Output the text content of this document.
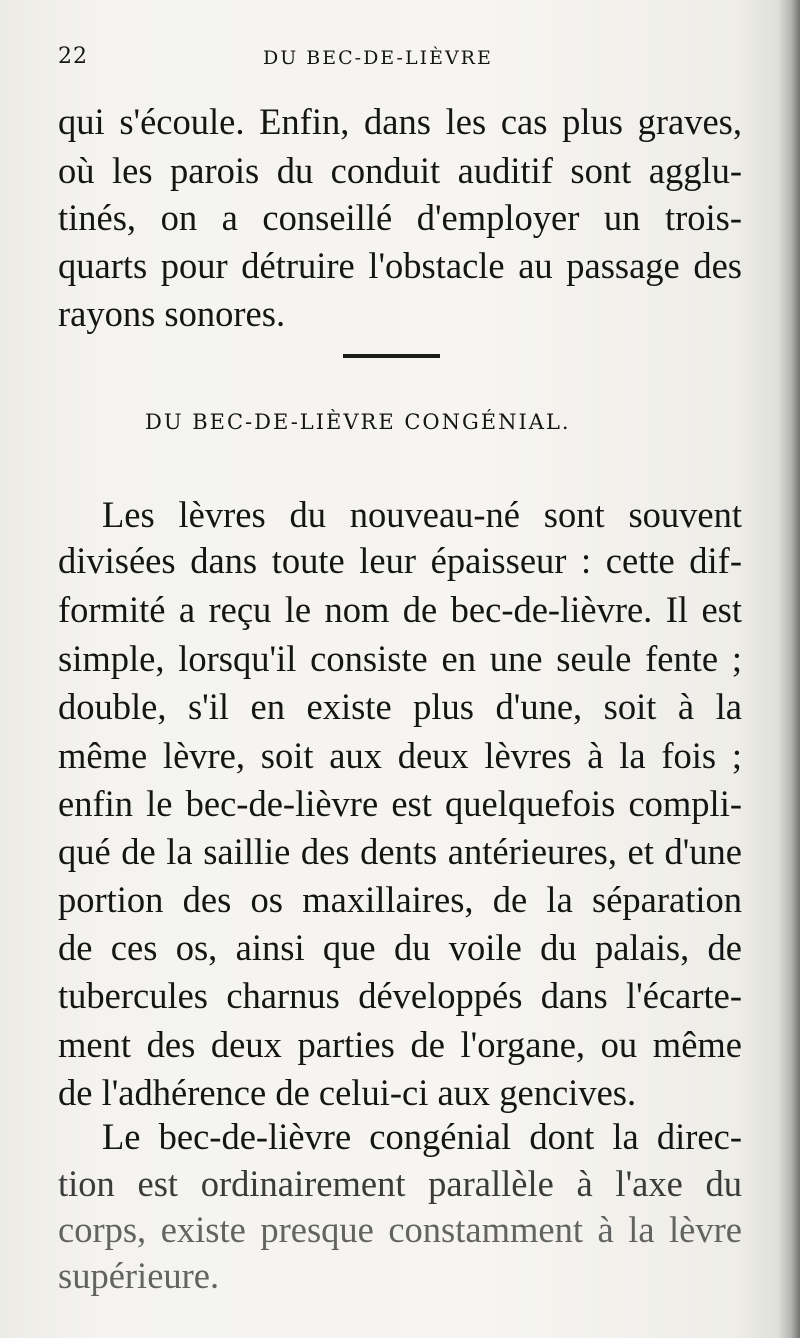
22	DU BEC-DE-LIÈVRE
qui s'écoule. Enfin, dans les cas plus graves,
où les parois du conduit auditif sont agglu-
tinés, on a conseillé d'employer un trois-
quarts pour détruire l'obstacle au passage des
rayons sonores.
DU BEC-DE-LIÈVRE CONGÉNIAL.
Les lèvres du nouveau-né sont souvent
divisées dans toute leur épaisseur : cette dif-
formité a reçu le nom de bec-de-lièvre. Il est
simple, lorsqu'il consiste en une seule fente ;
double, s'il en existe plus d'une, soit à la
même lèvre, soit aux deux lèvres à la fois ;
enfin le bec-de-lièvre est quelquefois compli-
qué de la saillie des dents antérieures, et d'une
portion des os maxillaires, de la séparation
de ces os, ainsi que du voile du palais, de
tubercules charnus développés dans l'écarte-
ment des deux parties de l'organe, ou même
de l'adhérence de celui-ci aux gencives.
Le bec-de-lièvre congénial dont la direc-
tion est ordinairement parallèle à l'axe du
corps, existe presque constamment à la lèvre
supérieure.
